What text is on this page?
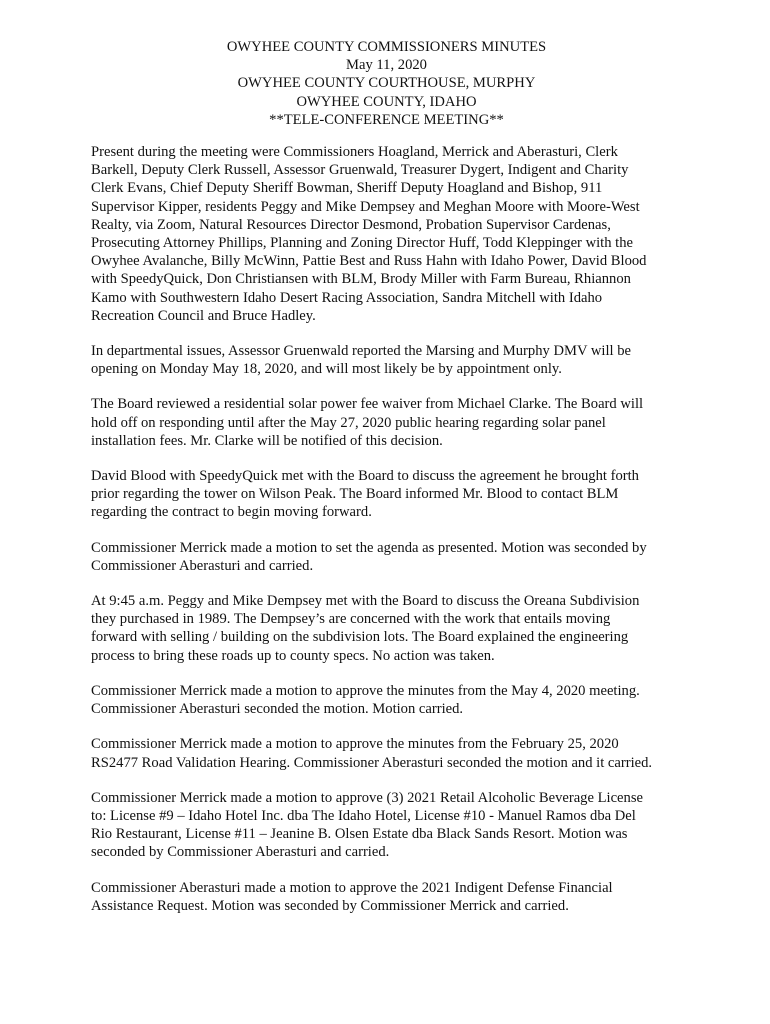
OWYHEE COUNTY COMMISSIONERS MINUTES
May 11, 2020
OWYHEE COUNTY COURTHOUSE, MURPHY
OWYHEE COUNTY, IDAHO
**TELE-CONFERENCE MEETING**
Present during the meeting were Commissioners Hoagland, Merrick and Aberasturi, Clerk
Barkell, Deputy Clerk Russell, Assessor Gruenwald, Treasurer Dygert, Indigent and Charity
Clerk Evans, Chief Deputy Sheriff Bowman, Sheriff Deputy Hoagland and Bishop, 911
Supervisor Kipper, residents Peggy and Mike Dempsey and Meghan Moore with Moore-West
Realty, via Zoom, Natural Resources Director Desmond, Probation Supervisor Cardenas,
Prosecuting Attorney Phillips, Planning and Zoning Director Huff, Todd Kleppinger with the
Owyhee Avalanche, Billy McWinn, Pattie Best and Russ Hahn with Idaho Power, David Blood
with SpeedyQuick, Don Christiansen with BLM, Brody Miller with Farm Bureau, Rhiannon
Kamo with Southwestern Idaho Desert Racing Association, Sandra Mitchell with Idaho
Recreation Council and Bruce Hadley.
In departmental issues, Assessor Gruenwald reported the Marsing and Murphy DMV will be
opening on Monday May 18, 2020, and will most likely be by appointment only.
The Board reviewed a residential solar power fee waiver from Michael Clarke. The Board will
hold off on responding until after the May 27, 2020 public hearing regarding solar panel
installation fees. Mr. Clarke will be notified of this decision.
David Blood with SpeedyQuick met with the Board to discuss the agreement he brought forth
prior regarding the tower on Wilson Peak. The Board informed Mr. Blood to contact BLM
regarding the contract to begin moving forward.
Commissioner Merrick made a motion to set the agenda as presented. Motion was seconded by
Commissioner Aberasturi and carried.
At 9:45 a.m. Peggy and Mike Dempsey met with the Board to discuss the Oreana Subdivision
they purchased in 1989. The Dempsey’s are concerned with the work that entails moving
forward with selling / building on the subdivision lots. The Board explained the engineering
process to bring these roads up to county specs. No action was taken.
Commissioner Merrick made a motion to approve the minutes from the May 4, 2020 meeting.
Commissioner Aberasturi seconded the motion. Motion carried.
Commissioner Merrick made a motion to approve the minutes from the February 25, 2020
RS2477 Road Validation Hearing. Commissioner Aberasturi seconded the motion and it carried.
Commissioner Merrick made a motion to approve (3) 2021 Retail Alcoholic Beverage License
to: License #9 – Idaho Hotel Inc. dba The Idaho Hotel, License #10 - Manuel Ramos dba Del
Rio Restaurant, License #11 – Jeanine B. Olsen Estate dba Black Sands Resort. Motion was
seconded by Commissioner Aberasturi and carried.
Commissioner Aberasturi made a motion to approve the 2021 Indigent Defense Financial
Assistance Request. Motion was seconded by Commissioner Merrick and carried.
